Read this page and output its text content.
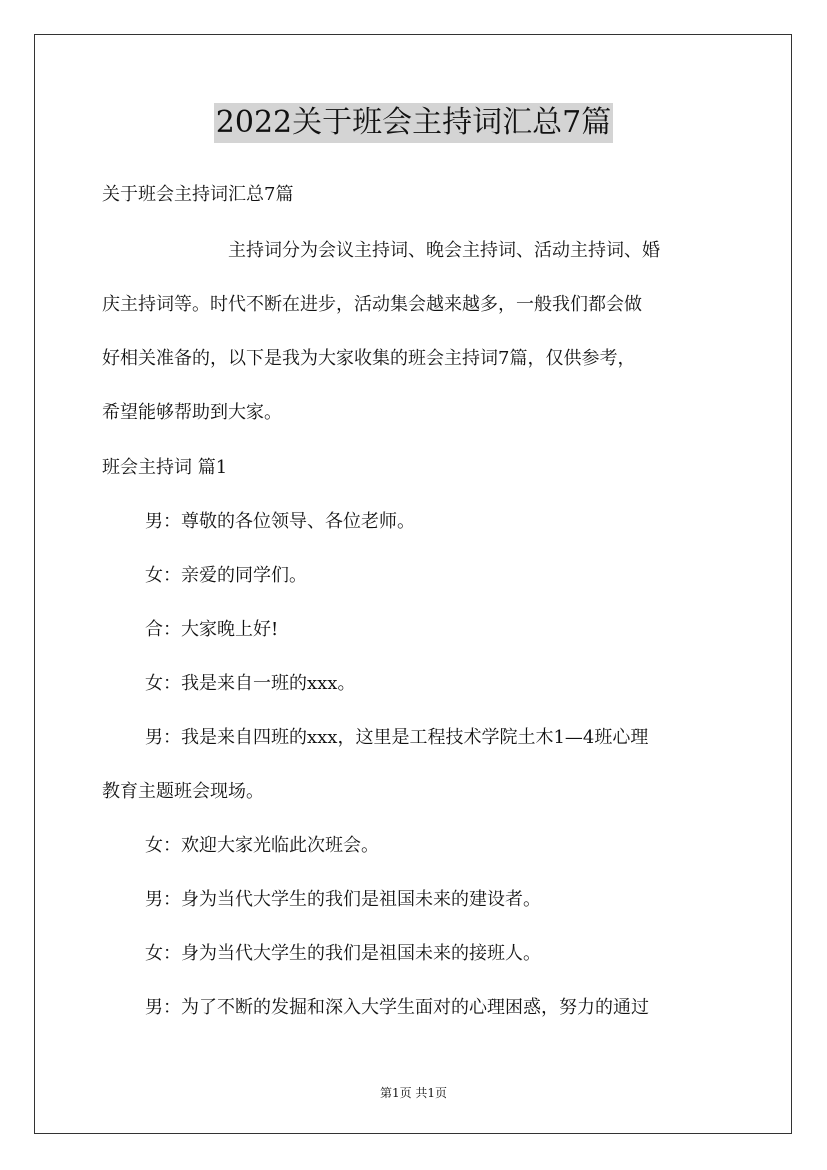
2022关于班会主持词汇总7篇
关于班会主持词汇总7篇
主持词分为会议主持词、晚会主持词、活动主持词、婚
庆主持词等。时代不断在进步，活动集会越来越多，一般我们都会做
好相关准备的，以下是我为大家收集的班会主持词7篇，仅供参考，
希望能够帮助到大家。
班会主持词 篇1
男：尊敬的各位领导、各位老师。
女：亲爱的同学们。
合：大家晚上好!
女：我是来自一班的xxx。
男：我是来自四班的xxx，这里是工程技术学院土木1—4班心理
教育主题班会现场。
女：欢迎大家光临此次班会。
男：身为当代大学生的我们是祖国未来的建设者。
女：身为当代大学生的我们是祖国未来的接班人。
男：为了不断的发掘和深入大学生面对的心理困惑，努力的通过
第1页 共1页
